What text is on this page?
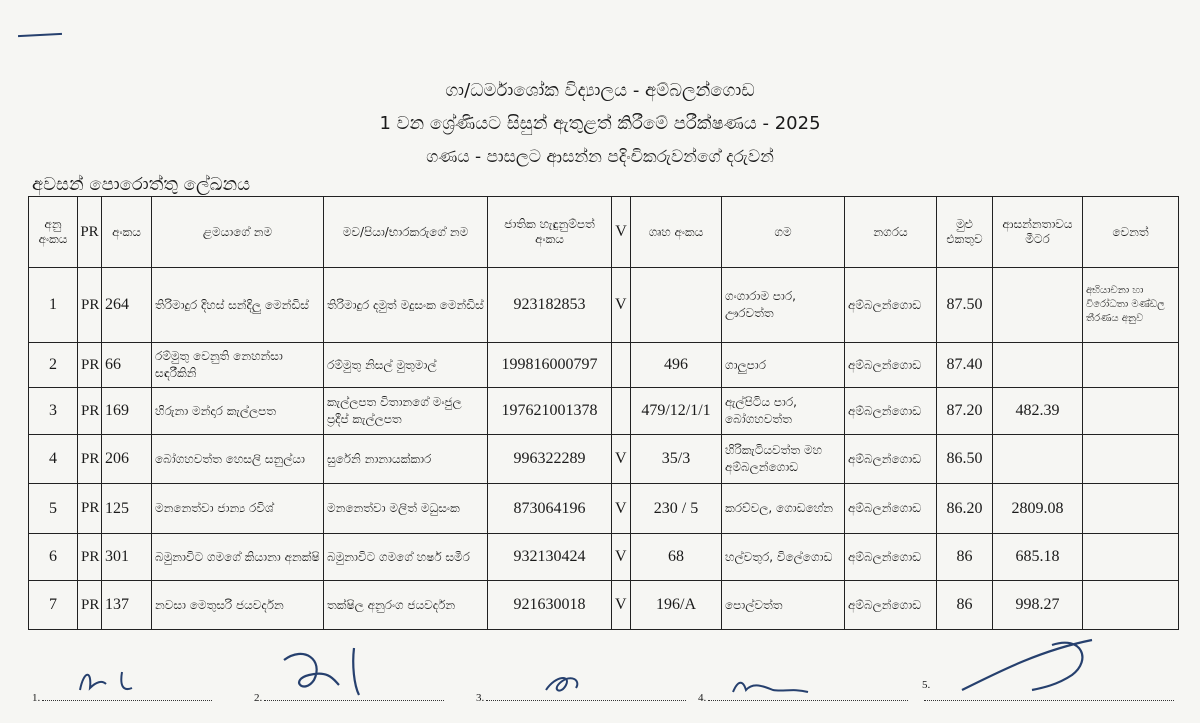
ගා/ධර්මාශෝක විද්‍යාලය - අම්බලන්ගොඩ
1 වන ශ්‍රේණියට සිසුන් ඇතුළත් කිරීමේ පරීක්ෂණය - 2025
ගණය - පාසලට ආසන්න පදිංචිකරුවන්ගේ දරුවන්
අවසන් පොරොත්තු ලේඛනය
අනු අංකය	PR	අංකය	ළමයාගේ නම	මව/පියා/භාරකරුගේ නම	ජාතික හැඳුනුම්පත් අංකය	V	ගෘහ අංකය	ගම	නගරය	මුළු එකතුව	ආසන්නතාවය මීටර	වෙනත්
1	PR	264	තිරිමාදුර දිහස් සන්දිලු මෙන්ඩිස්	තිරිමාදුර දමුත් මදුසංක මෙන්ඩිස්	923182853	V		ගංගාරාම පාර, ඌරවත්ත	අම්බලන්ගොඩ	87.50		අභියාචනා හා විරෝධතා මණ්ඩල තීරණය අනුව
2	PR	66	රම්මුතු වෙනුති නෙහන්සා සඳරීකිනි	රම්මුතු නිසල් මුතුමාල්	199816000797		496	ගාලුපාර	අම්බලන්ගොඩ	87.40		
3	PR	169	හිරුනා මන්දාර කැල්ලපත	කැල්ලපත විතානගේ මංජුල ප්‍රදීප් කැල්ලපත	197621001378		479/12/1/1	ඇල්පිටිය පාර, බෝගහවත්ත	අම්බලන්ගොඩ	87.20	482.39	
4	PR	206	බෝගහවත්ත හෙසලි සනුල්යා	සුරේනි නානායක්කාර	996322289	V	35/3	හිරිකැටියවත්ත මහ අම්බලන්ගොඩ	අම්බලන්ගොඩ	86.50		
5	PR	125	මනනෙත්වා ජාන්‍ය රවිශ්	මනනෙත්වා මලිත් මධුසංක	873064196	V	230 / 5	කරව්වල, ගොඩහේන	අම්බලන්ගොඩ	86.20	2809.08	
6	PR	301	බමුනාවිට ගමගේ කියානා අනක්ෂි	බමුනාවිට ගමගේ හර්ෂ සමීර	932130424	V	68	හල්වතුර, විලේගොඩ	අම්බලන්ගොඩ	86	685.18	
7	PR	137	නවසා මෙතුසරි ජයවර්දන	තක්ෂිල අනුරංග ජයවර්දන	921630018	V	196/A	පොල්වත්ත	අම්බලන්ගොඩ	86	998.27	
1.	2.	3.	4.
5.
